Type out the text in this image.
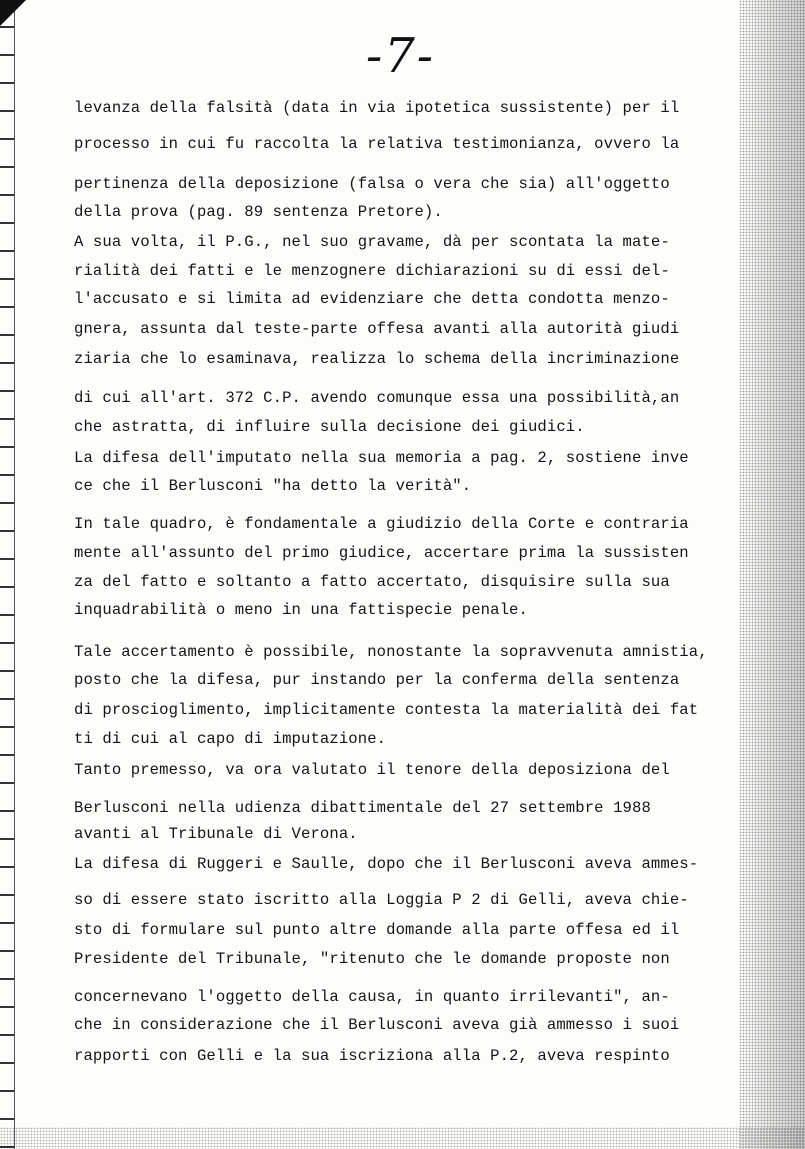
-7-
levanza della falsità (data in via ipotetica sussistente) per il
processo in cui fu raccolta la relativa testimonianza, ovvero la
pertinenza della deposizione (falsa o vera che sia) all'oggetto
della prova (pag. 89 sentenza Pretore).
A sua volta, il P.G., nel suo gravame, dà per scontata la mate-
rialità dei fatti e le menzognere dichiarazioni su di essi del-
l'accusato e si limita ad evidenziare che detta condotta menzo-
gnera, assunta dal teste-parte offesa avanti alla autorità giudi
ziaria che lo esaminava, realizza lo schema della incriminazione
di cui all'art. 372 C.P. avendo comunque essa una possibilità,an
che astratta, di influire sulla decisione dei giudici.
La difesa dell'imputato nella sua memoria a pag. 2, sostiene inve
ce che il Berlusconi "ha detto la verità".
In tale quadro, è fondamentale a giudizio della Corte e contraria
mente all'assunto del primo giudice, accertare prima la sussisten
za del fatto e soltanto a fatto accertato, disquisire sulla sua
inquadrabilità o meno in una fattispecie penale.
Tale accertamento è possibile, nonostante la sopravvenuta amnistia,
posto che la difesa, pur instando per la conferma della sentenza
di proscioglimento, implicitamente contesta la materialità dei fat
ti di cui al capo di imputazione.
Tanto premesso, va ora valutato il tenore della deposiziona del
Berlusconi nella udienza dibattimentale del 27 settembre 1988
avanti al Tribunale di Verona.
La difesa di Ruggeri e Saulle, dopo che il Berlusconi aveva ammes-
so di essere stato iscritto alla Loggia P 2 di Gelli, aveva chie-
sto di formulare sul punto altre domande alla parte offesa ed il
Presidente del Tribunale, "ritenuto che le domande proposte non
concernevano l'oggetto della causa, in quanto irrilevanti", an-
che in considerazione che il Berlusconi aveva già ammesso i suoi
rapporti con Gelli e la sua iscriziona alla P.2, aveva respinto
